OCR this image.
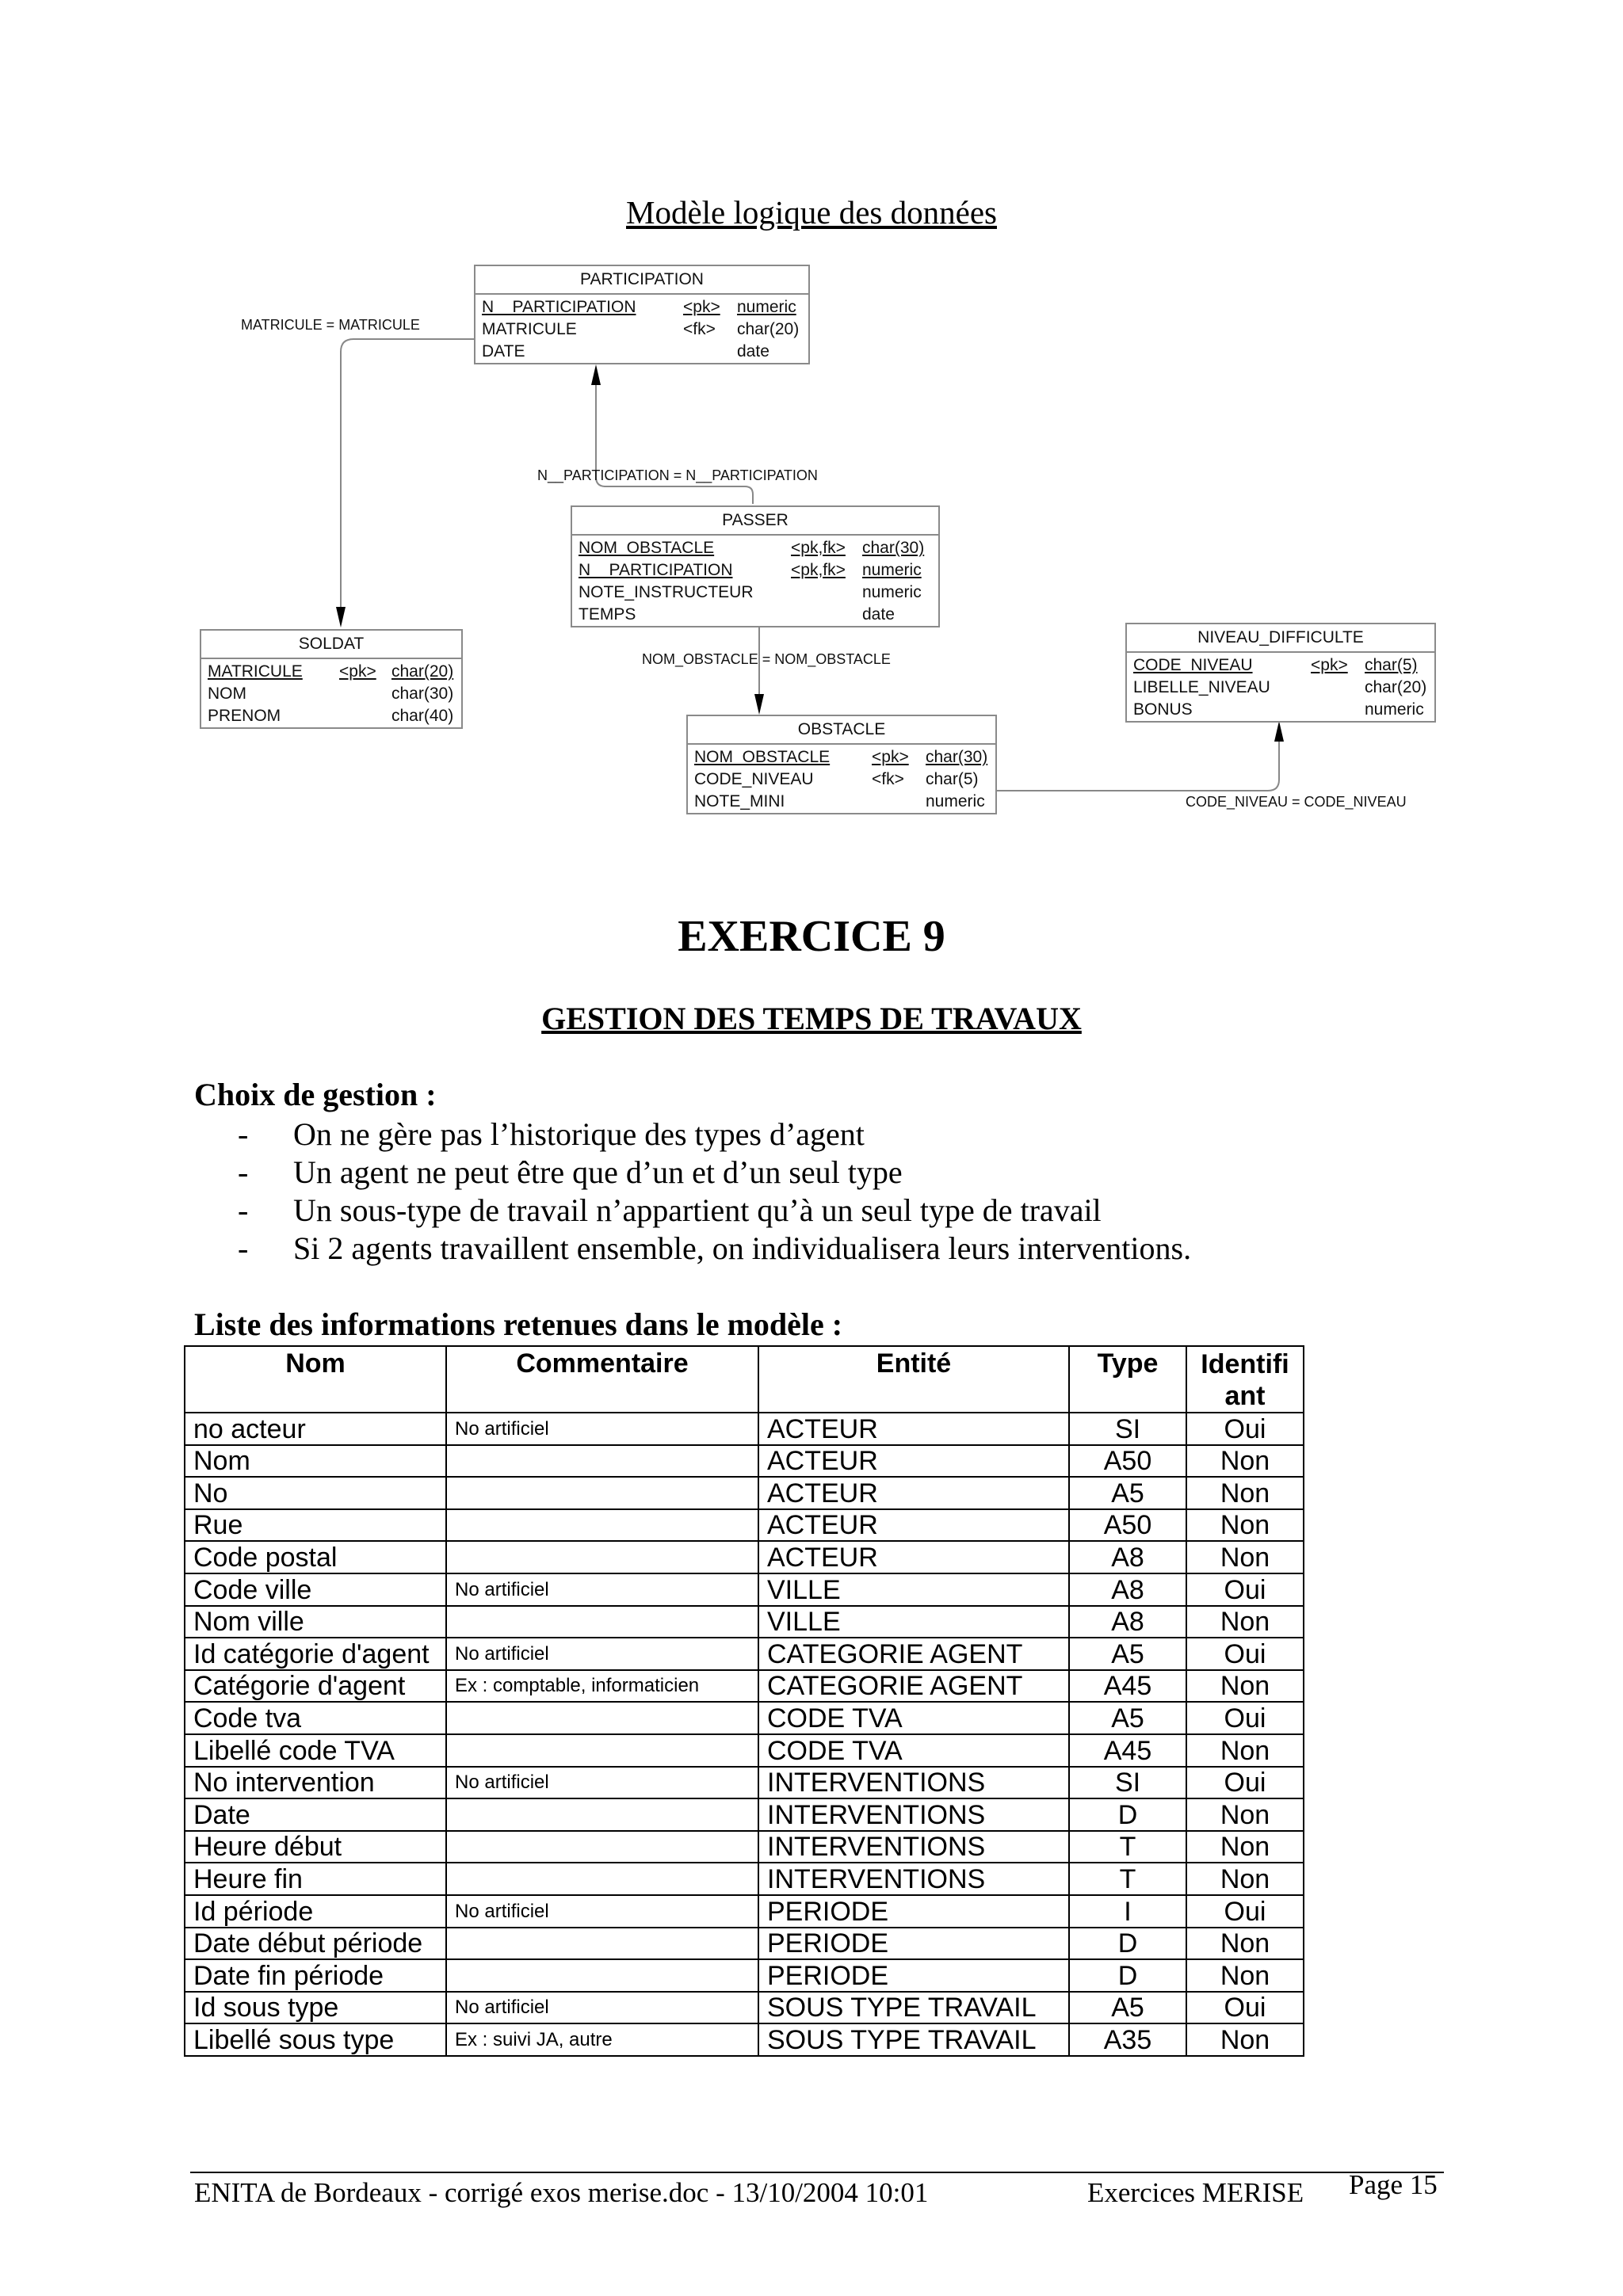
Modèle logique des données
MATRICULE = MATRICULE
N__PARTICIPATION = N__PARTICIPATION
NOM_OBSTACLE = NOM_OBSTACLE
CODE_NIVEAU = CODE_NIVEAU
PARTICIPATION
N__PARTICIPATION	<pk> numeric
MATRICULE	<fk> char(20)
DATE	date
PASSER
NOM_OBSTACLE	<pk,fk> char(30)
N__PARTICIPATION	<pk,fk> numeric
NOTE_INSTRUCTEUR	numeric
TEMPS	date
SOLDAT
MATRICULE <pk> char(20)
NOM	char(30)
PRENOM	char(40)
OBSTACLE
NOM_OBSTACLE	<pk> char(30)
CODE_NIVEAU	<fk> char(5)
NOTE_MINI	numeric
NIVEAU_DIFFICULTE
CODE_NIVEAU	<pk> char(5)
LIBELLE_NIVEAU	char(20)
BONUS	numeric
EXERCICE 9
GESTION DES TEMPS DE TRAVAUX
Choix de gestion :
- On ne gère pas l’historique des types d’agent
- Un agent ne peut être que d’un et d’un seul type
- Un sous-type de travail n’appartient qu’à un seul type de travail
- Si 2 agents travaillent ensemble, on individualisera leurs interventions.
Liste des informations retenues dans le modèle :
Nom	Commentaire	Entité	Type	Identifi ant
no acteur	No artificiel	ACTEUR	SI	Oui
Nom		ACTEUR	A50	Non
No		ACTEUR	A5	Non
Rue		ACTEUR	A50	Non
Code postal		ACTEUR	A8	Non
Code ville	No artificiel	VILLE	A8	Oui
Nom ville		VILLE	A8	Non
Id catégorie d'agent	No artificiel	CATEGORIE AGENT	A5	Oui
Catégorie d'agent	Ex : comptable, informaticien	CATEGORIE AGENT	A45	Non
Code tva		CODE TVA	A5	Oui
Libellé code TVA		CODE TVA	A45	Non
No intervention	No artificiel	INTERVENTIONS	SI	Oui
Date		INTERVENTIONS	D	Non
Heure début		INTERVENTIONS	T	Non
Heure fin		INTERVENTIONS	T	Non
Id période	No artificiel	PERIODE	I	Oui
Date début période		PERIODE	D	Non
Date fin période		PERIODE	D	Non
Id sous type	No artificiel	SOUS TYPE TRAVAIL	A5	Oui
Libellé sous type	Ex : suivi JA, autre	SOUS TYPE TRAVAIL	A35	Non
ENITA de Bordeaux - corrigé exos merise.doc - 13/10/2004 10:01	Exercices MERISE Page 15
